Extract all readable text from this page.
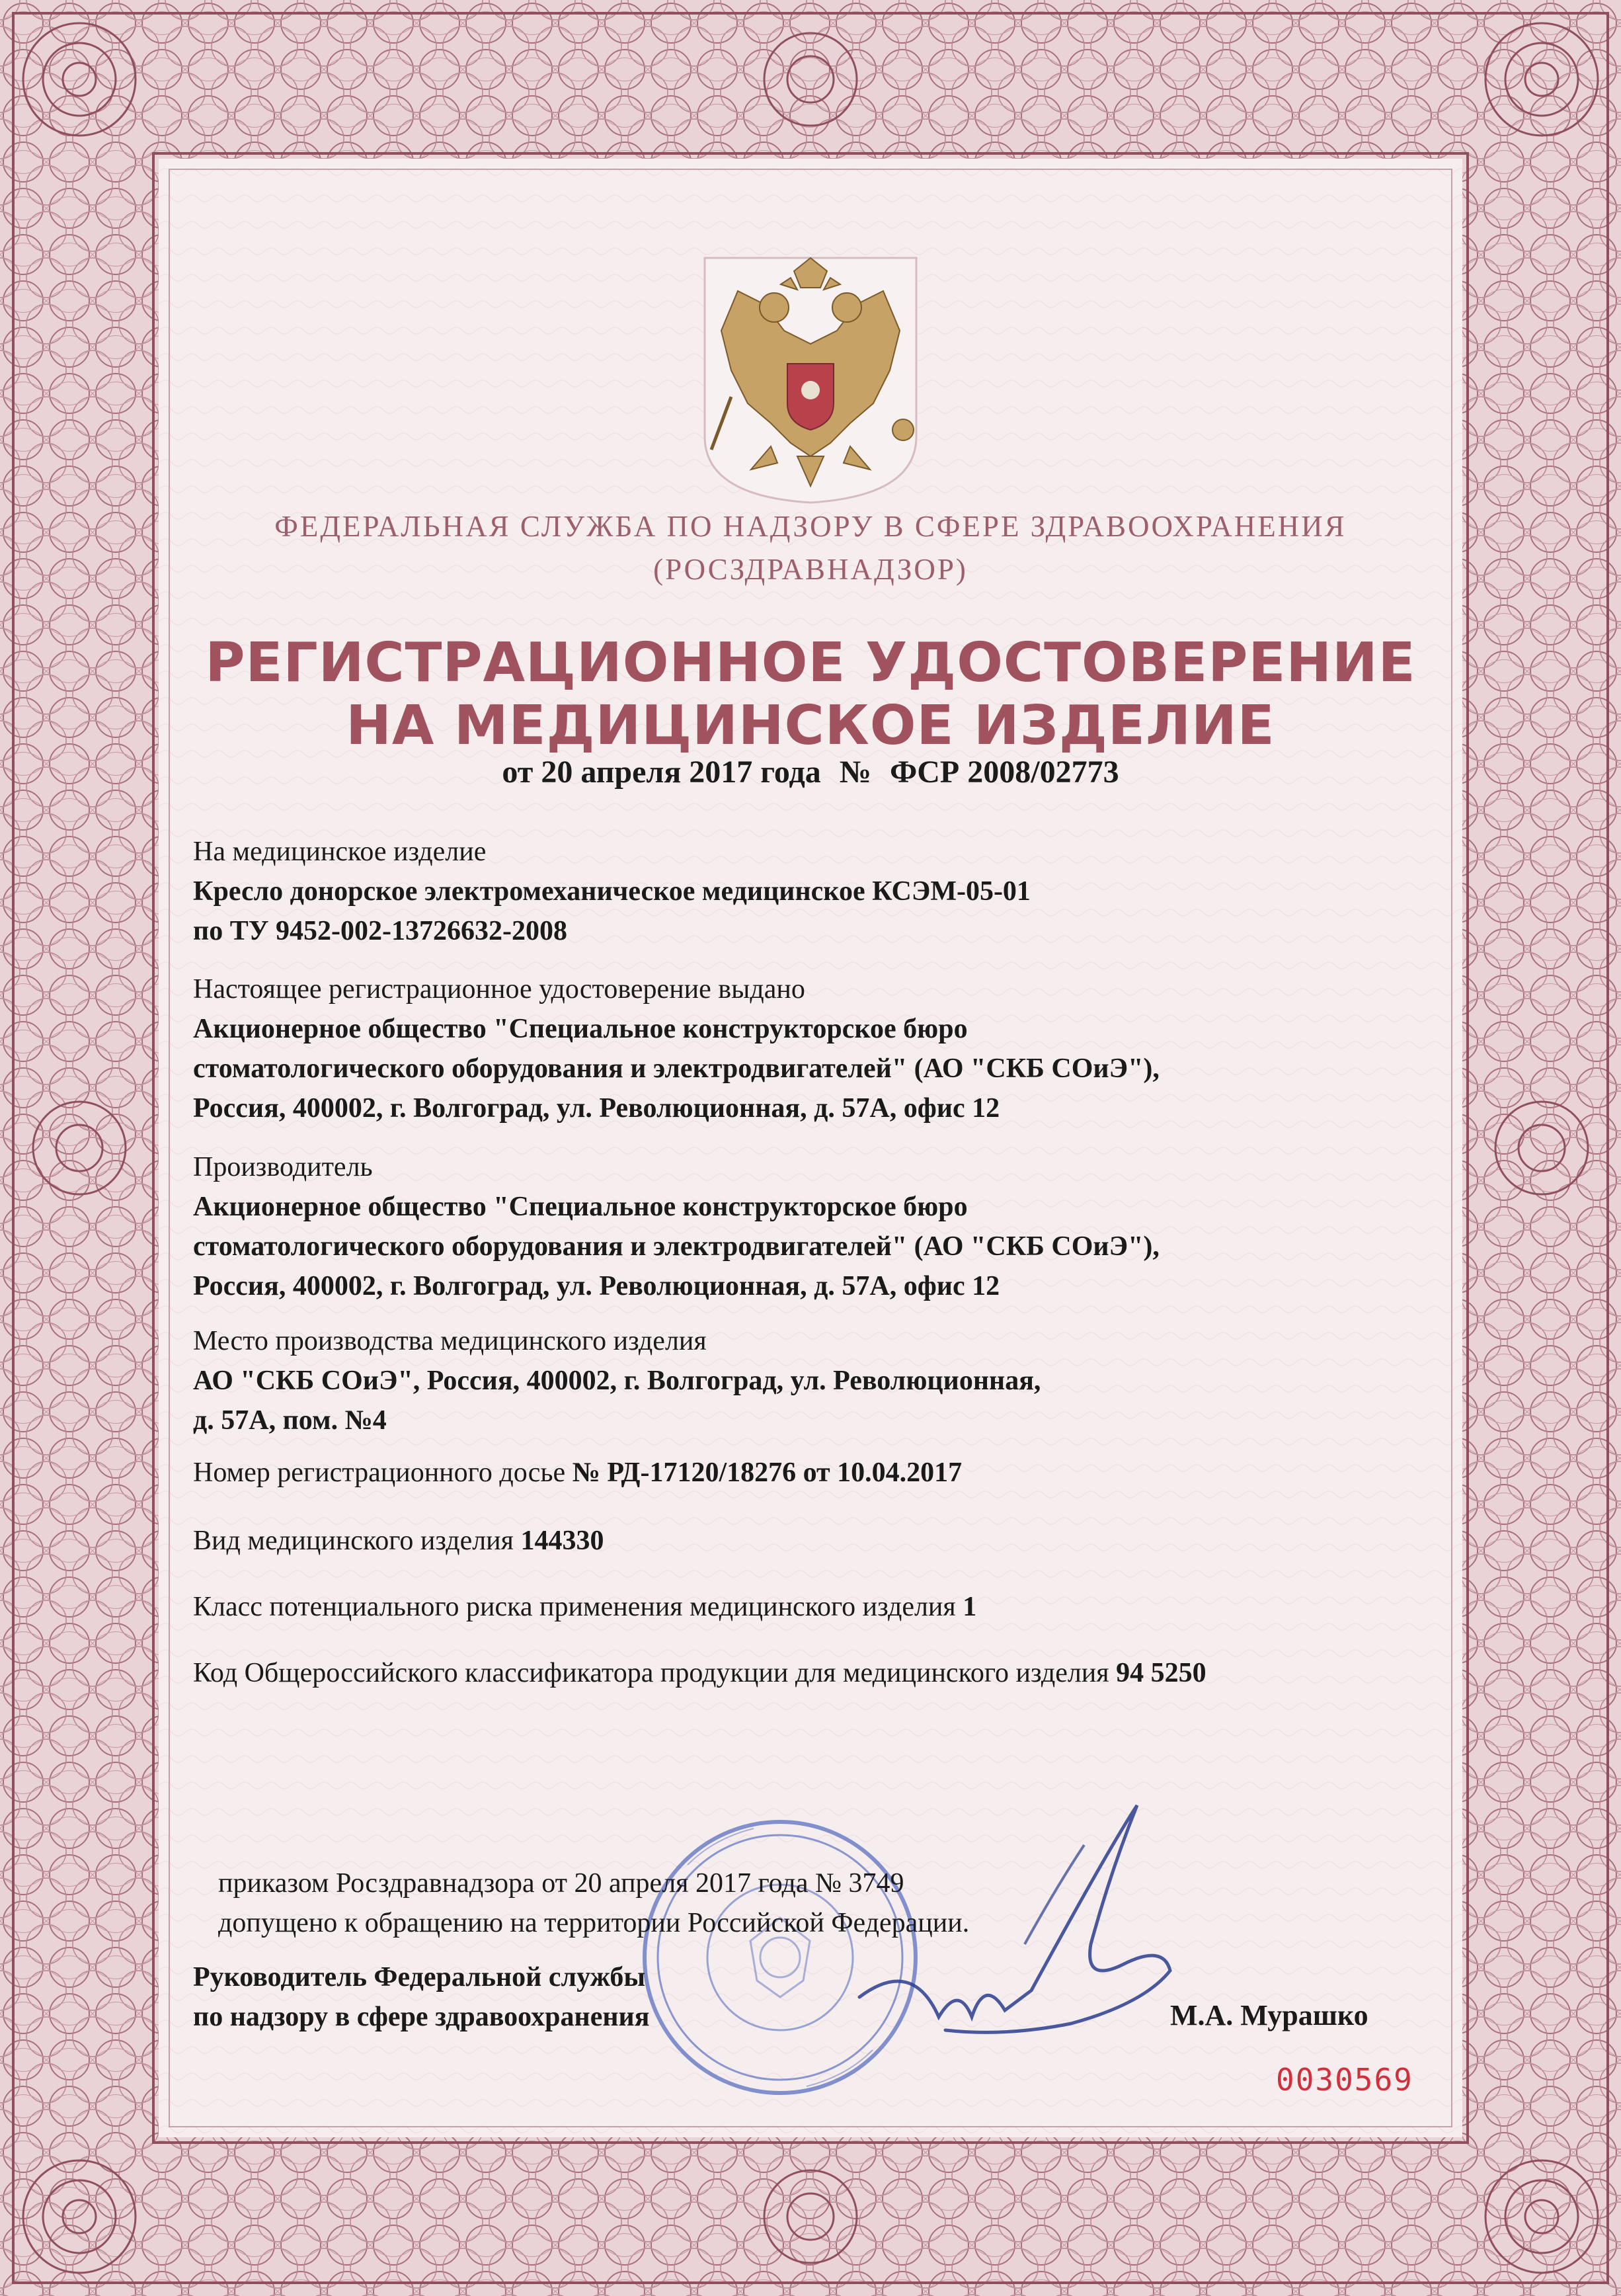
ФЕДЕРАЛЬНАЯ СЛУЖБА ПО НАДЗОРУ В СФЕРЕ ЗДРАВООХРАНЕНИЯ
(РОСЗДРАВНАДЗОР)
РЕГИСТРАЦИОННОЕ УДОСТОВЕРЕНИЕ
НА МЕДИЦИНСКОЕ ИЗДЕЛИЕ
от 20 апреля 2017 года № ФСР 2008/02773
На медицинское изделие
Кресло донорское электромеханическое медицинское КСЭМ-05-01
по ТУ 9452-002-13726632-2008
Настоящее регистрационное удостоверение выдано
Акционерное общество "Специальное конструкторское бюро
стоматологического оборудования и электродвигателей" (АО "СКБ СОиЭ"),
Россия, 400002, г. Волгоград, ул. Революционная, д. 57А, офис 12
Производитель
Акционерное общество "Специальное конструкторское бюро
стоматологического оборудования и электродвигателей" (АО "СКБ СОиЭ"),
Россия, 400002, г. Волгоград, ул. Революционная, д. 57А, офис 12
Место производства медицинского изделия
АО "СКБ СОиЭ", Россия, 400002, г. Волгоград, ул. Революционная,
д. 57А, пом. №4
Номер регистрационного досье № РД-17120/18276 от 10.04.2017
Вид медицинского изделия 144330
Класс потенциального риска применения медицинского изделия 1
Код Общероссийского классификатора продукции для медицинского изделия 94 5250
приказом Росздравнадзора от 20 апреля 2017 года № 3749
допущено к обращению на территории Российской Федерации.
Руководитель Федеральной службы
по надзору в сфере здравоохранения	М.А. Мурашко
0030569
